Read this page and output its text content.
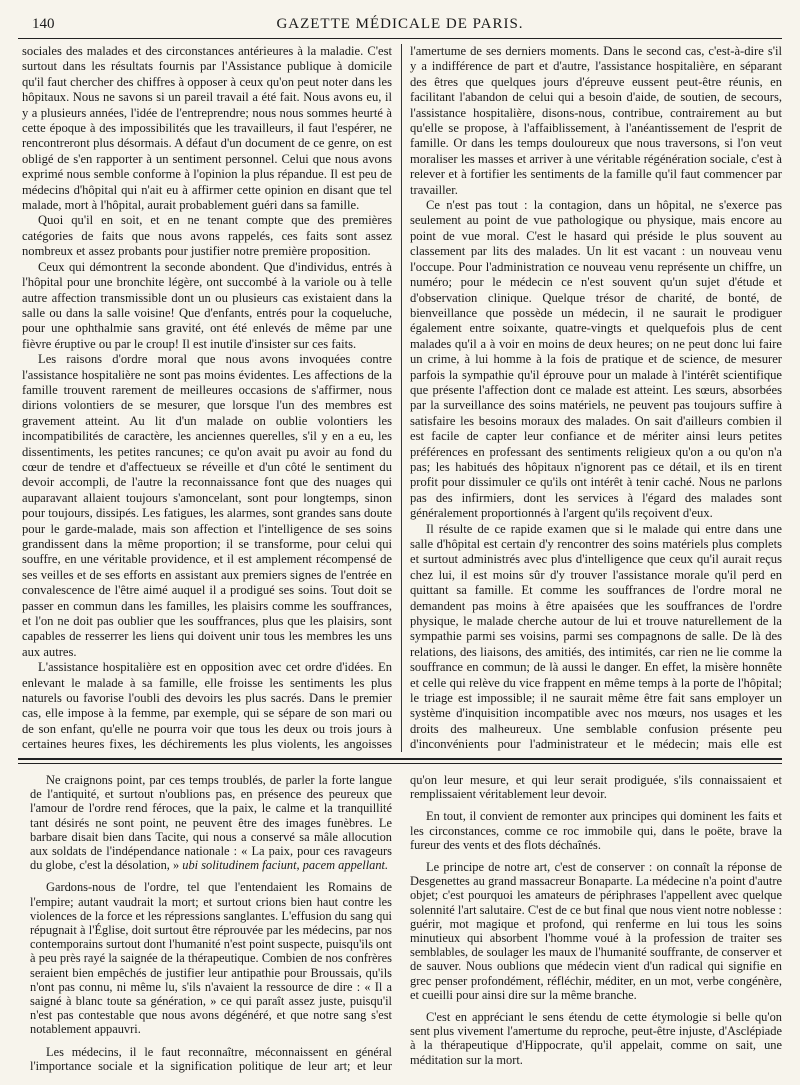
140	GAZETTE MÉDICALE DE PARIS.

sociales des malades et des circonstances antérieures à la maladie. C'est surtout dans les résultats fournis par l'Assistance publique à domicile qu'il faut chercher des chiffres à opposer à ceux qu'on peut noter dans les hôpitaux. Nous ne savons si un pareil travail a été fait. Nous avons eu, il y a plusieurs années, l'idée de l'entreprendre; nous nous sommes heurté à cette époque à des impossibilités que les travailleurs, il faut l'espérer, ne rencontreront plus désormais. A défaut d'un document de ce genre, on est obligé de s'en rapporter à un sentiment personnel. Celui que nous avons exprimé nous semble conforme à l'opinion la plus répandue. Il est peu de médecins d'hôpital qui n'ait eu à affirmer cette opinion en disant que tel malade, mort à l'hôpital, aurait probablement guéri dans sa famille.

Quoi qu'il en soit, et en ne tenant compte que des premières catégories de faits que nous avons rappelés, ces faits sont assez nombreux et assez probants pour justifier notre première proposition.

Ceux qui démontrent la seconde abondent. Que d'individus, entrés à l'hôpital pour une bronchite légère, ont succombé à la variole ou à telle autre affection transmissible dont un ou plusieurs cas existaient dans la salle ou dans la salle voisine! Que d'enfants, entrés pour la coqueluche, pour une ophthalmie sans gravité, ont été enlevés de même par une fièvre éruptive ou par le croup! Il est inutile d'insister sur ces faits.

Les raisons d'ordre moral que nous avons invoquées contre l'assistance hospitalière ne sont pas moins évidentes. Les affections de la famille trouvent rarement de meilleures occasions de s'affirmer, nous dirions volontiers de se mesurer, que lorsque l'un des membres est gravement atteint. Au lit d'un malade on oublie volontiers les incompatibilités de caractère, les anciennes querelles, s'il y en a eu, les dissentiments, les petites rancunes; ce qu'on avait pu avoir au fond du cœur de tendre et d'affectueux se réveille et d'un côté le sentiment du devoir accompli, de l'autre la reconnaissance font que des nuages qui auparavant allaient toujours s'amoncelant, sont pour longtemps, sinon pour toujours, dissipés. Les fatigues, les alarmes, sont grandes sans doute pour le garde-malade, mais son affection et l'intelligence de ses soins grandissent dans la même proportion; il se transforme, pour celui qui souffre, en une véritable providence, et il est amplement récompensé de ses veilles et de ses efforts en assistant aux premiers signes de l'entrée en convalescence de l'être aimé auquel il a prodigué ses soins. Tout doit se passer en commun dans les familles, les plaisirs comme les souffrances, et l'on ne doit pas oublier que les souffrances, plus que les plaisirs, sont capables de resserrer les liens qui doivent unir tous les membres les uns aux autres.

L'assistance hospitalière est en opposition avec cet ordre d'idées. En enlevant le malade à sa famille, elle froisse les sentiments les plus naturels ou favorise l'oubli des devoirs les plus sacrés. Dans le premier cas, elle impose à la femme, par exemple, qui se sépare de son mari ou de son enfant, qu'elle ne pourra voir que tous les deux ou trois jours à certaines heures fixes, les déchirements les plus violents, les angoisses

l'amertume de ses derniers moments. Dans le second cas, c'est-à-dire s'il y a indifférence de part et d'autre, l'assistance hospitalière, en séparant des êtres que quelques jours d'épreuve eussent peut-être réunis, en facilitant l'abandon de celui qui a besoin d'aide, de soutien, de secours, l'assistance hospitalière, disons-nous, contribue, contrairement au but qu'elle se propose, à l'affaiblissement, à l'anéantissement de l'esprit de famille. Or dans les temps douloureux que nous traversons, si l'on veut moraliser les masses et arriver à une véritable régénération sociale, c'est à relever et à fortifier les sentiments de la famille qu'il faut commencer par travailler.

Ce n'est pas tout : la contagion, dans un hôpital, ne s'exerce pas seulement au point de vue pathologique ou physique, mais encore au point de vue moral. C'est le hasard qui préside le plus souvent au classement par lits des malades. Un lit est vacant : un nouveau venu l'occupe. Pour l'administration ce nouveau venu représente un chiffre, un numéro; pour le médecin ce n'est souvent qu'un sujet d'étude et d'observation clinique. Quelque trésor de charité, de bonté, de bienveillance que possède un médecin, il ne saurait le prodiguer également entre soixante, quatre-vingts et quelquefois plus de cent malades qu'il a à voir en moins de deux heures; on ne peut donc lui faire un crime, à lui homme à la fois de pratique et de science, de mesurer parfois la sympathie qu'il éprouve pour un malade à l'intérêt scientifique que présente l'affection dont ce malade est atteint. Les sœurs, absorbées par la surveillance des soins matériels, ne peuvent pas toujours suffire à satisfaire les besoins moraux des malades. On sait d'ailleurs combien il est facile de capter leur confiance et de mériter ainsi leurs petites préférences en professant des sentiments religieux qu'on a ou qu'on n'a pas; les habitués des hôpitaux n'ignorent pas ce détail, et ils en tirent profit pour dissimuler ce qu'ils ont intérêt à tenir caché. Nous ne parlons pas des infirmiers, dont les services à l'égard des malades sont généralement proportionnés à l'argent qu'ils reçoivent d'eux.

Il résulte de ce rapide examen que si le malade qui entre dans une salle d'hôpital est certain d'y rencontrer des soins matériels plus complets et surtout administrés avec plus d'intelligence que ceux qu'il aurait reçus chez lui, il est moins sûr d'y trouver l'assistance morale qu'il perd en quittant sa famille. Et comme les souffrances de l'ordre moral ne demandent pas moins à être apaisées que les souffrances de l'ordre physique, le malade cherche autour de lui et trouve naturellement de la sympathie parmi ses voisins, parmi ses compagnons de salle. De là des relations, des liaisons, des amitiés, des intimités, car rien ne lie comme la souffrance en commun; de là aussi le danger. En effet, la misère honnête et celle qui relève du vice frappent en même temps à la porte de l'hôpital; le triage est impossible; il ne saurait même être fait sans employer un système d'inquisition incompatible avec nos mœurs, nos usages et les droits des malheureux. Une semblable confusion présente peu d'inconvénients pour l'administrateur et le médecin; mais elle est

Ne craignons point, par ces temps troublés, de parler la forte langue de l'antiquité, et surtout n'oublions pas, en présence des peureux que l'amour de l'ordre rend féroces, que la paix, le calme et la tranquillité tant désirés ne sont point, ne peuvent être des images funèbres. Le barbare disait bien dans Tacite, qui nous a conservé sa mâle allocution aux soldats de l'indépendance nationale : « La paix, pour ces ravageurs du globe, c'est la désolation, » ubi solitudinem faciunt, pacem appellant.

Gardons-nous de l'ordre, tel que l'entendaient les Romains de l'empire; autant vaudrait la mort; et surtout crions bien haut contre les violences de la force et les répressions sanglantes. L'effusion du sang qui répugnait à l'Église, doit surtout être réprouvée par les médecins, par nos contemporains surtout dont l'humanité n'est point suspecte, puisqu'ils ont à peu près rayé la saignée de la thérapeutique. Combien de nos confrères seraient bien empêchés de justifier leur antipathie pour Broussais, qu'ils n'ont pas connu, ni même lu, s'ils n'avaient la ressource de dire : « Il a saigné à blanc toute sa génération, » ce qui paraît assez juste, puisqu'il n'est pas contestable que nous avons dégénéré, et que notre sang s'est notablement appauvri.

Les médecins, il le faut reconnaître, méconnaissent en général l'importance sociale et la signification politique de leur art; et leur

qu'on leur mesure, et qui leur serait prodiguée, s'ils connaissaient et remplissaient véritablement leur devoir.

En tout, il convient de remonter aux principes qui dominent les faits et les circonstances, comme ce roc immobile qui, dans le poëte, brave la fureur des vents et des flots déchaînés.

Le principe de notre art, c'est de conserver : on connaît la réponse de Desgenettes au grand massacreur Bonaparte. La médecine n'a point d'autre objet; c'est pourquoi les amateurs de périphrases l'appellent avec quelque solennité l'art salutaire. C'est de ce but final que nous vient notre noblesse : guérir, mot magique et profond, qui renferme en lui tous les soins minutieux qui absorbent l'homme voué à la profession de traiter ses semblables, de soulager les maux de l'humanité souffrante, de conserver et de sauver. Nous oublions que médecin vient d'un radical qui signifie en grec penser profondément, réfléchir, méditer, en un mot, verbe congénère, et cueilli pour ainsi dire sur la même branche.

C'est en appréciant le sens étendu de cette étymologie si belle qu'on sent plus vivement l'amertume du reproche, peut-être injuste, d'Asclépiade à la thérapeutique d'Hippocrate, qu'il appelait, comme on sait, une méditation sur la mort.
